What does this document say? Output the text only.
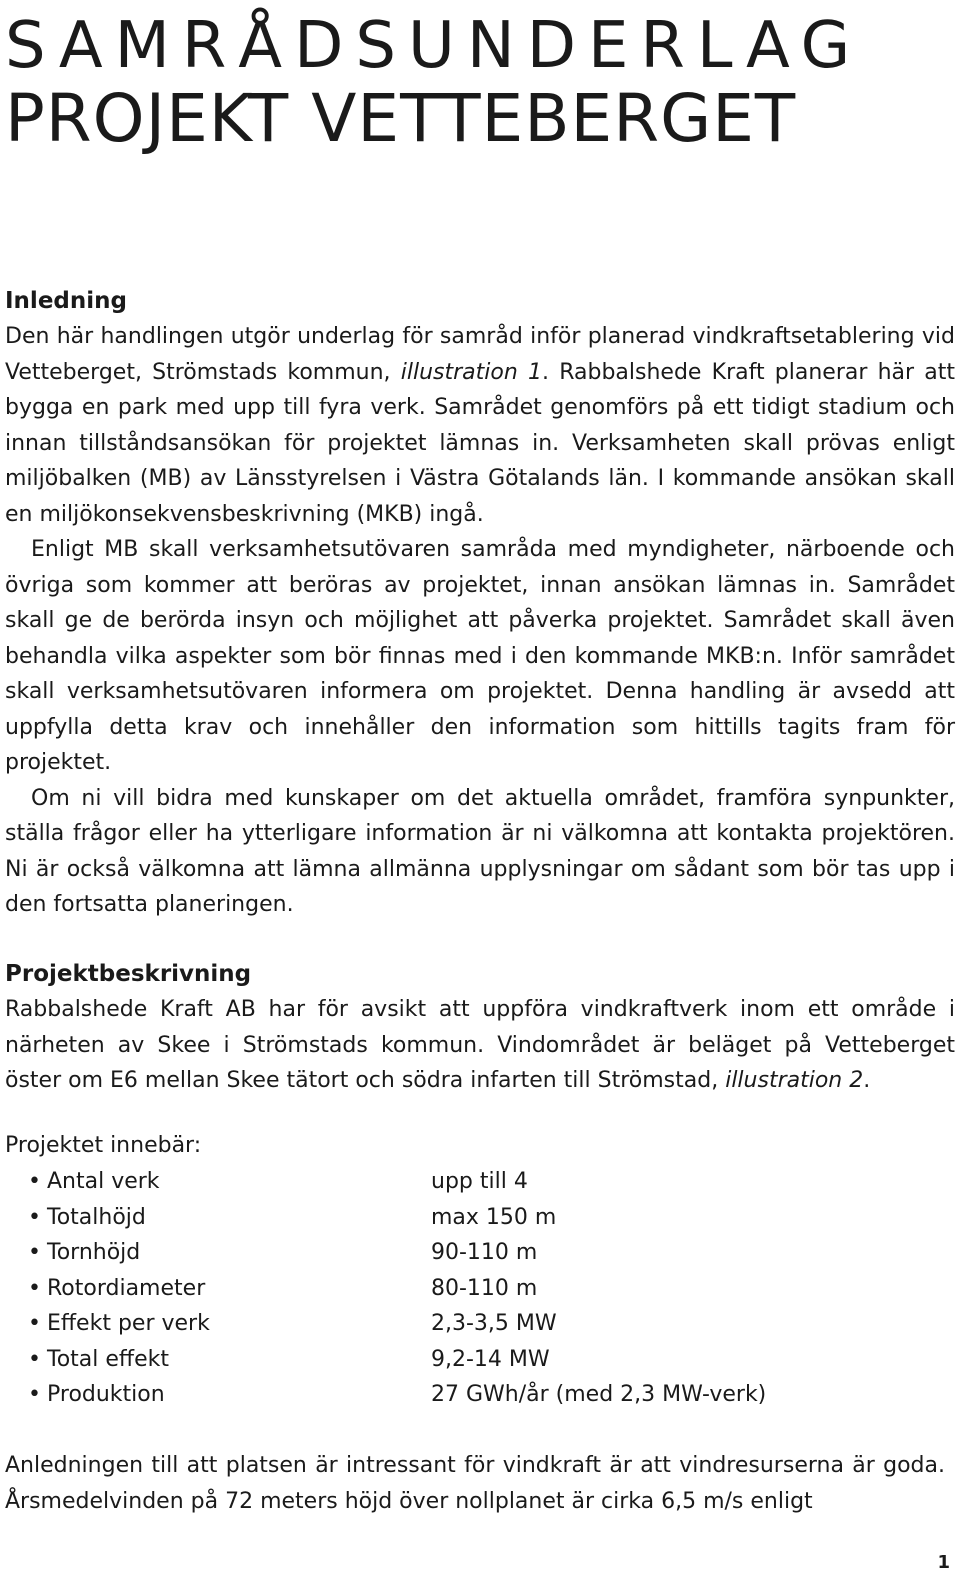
SAMRÅDSUNDERLAG
PROJEKT VETTEBERGET
Inledning

Den här handlingen utgör underlag för samråd inför planerad vindkraftsetablering vid Vetteberget, Strömstads kommun, illustration 1. Rabbalshede Kraft planerar här att bygga en park med upp till fyra verk. Samrådet genomförs på ett tidigt stadium och innan tillståndsansökan för projektet lämnas in. Verksamheten skall prövas enligt miljöbalken (MB) av Länsstyrelsen i Västra Götalands län. I kommande ansökan skall en miljökonsekvensbeskrivning (MKB) ingå.

Enligt MB skall verksamhetsutövaren samråda med myndigheter, närboende och övriga som kommer att beröras av projektet, innan ansökan lämnas in. Samrådet skall ge de berörda insyn och möjlighet att påverka projektet. Samrådet skall även behandla vilka aspekter som bör finnas med i den kommande MKB:n. Inför samrådet skall verksamhetsutövaren informera om projektet. Denna handling är avsedd att uppfylla detta krav och innehåller den information som hittills tagits fram för projektet.

Om ni vill bidra med kunskaper om det aktuella området, framföra synpunkter, ställa frågor eller ha ytterligare information är ni välkomna att kontakta projektören. Ni är också välkomna att lämna allmänna upplysningar om sådant som bör tas upp i den fortsatta planeringen.

Projektbeskrivning

Rabbalshede Kraft AB har för avsikt att uppföra vindkraftverk inom ett område i närheten av Skee i Strömstads kommun. Vindområdet är beläget på Vetteberget öster om E6 mellan Skee tätort och södra infarten till Strömstad, illustration 2.

Projektet innebär:

• Antal verk	upp till 4
• Totalhöjd	max 150 m
• Tornhöjd	90-110 m
• Rotordiameter	80-110 m
• Effekt per verk	2,3-3,5 MW
• Total effekt	9,2-14 MW
• Produktion	27 GWh/år (med 2,3 MW-verk)

Anledningen till att platsen är intressant för vindkraft är att vindresurserna är goda. Årsmedelvinden på 72 meters höjd över nollplanet är cirka 6,5 m/s enligt

1
